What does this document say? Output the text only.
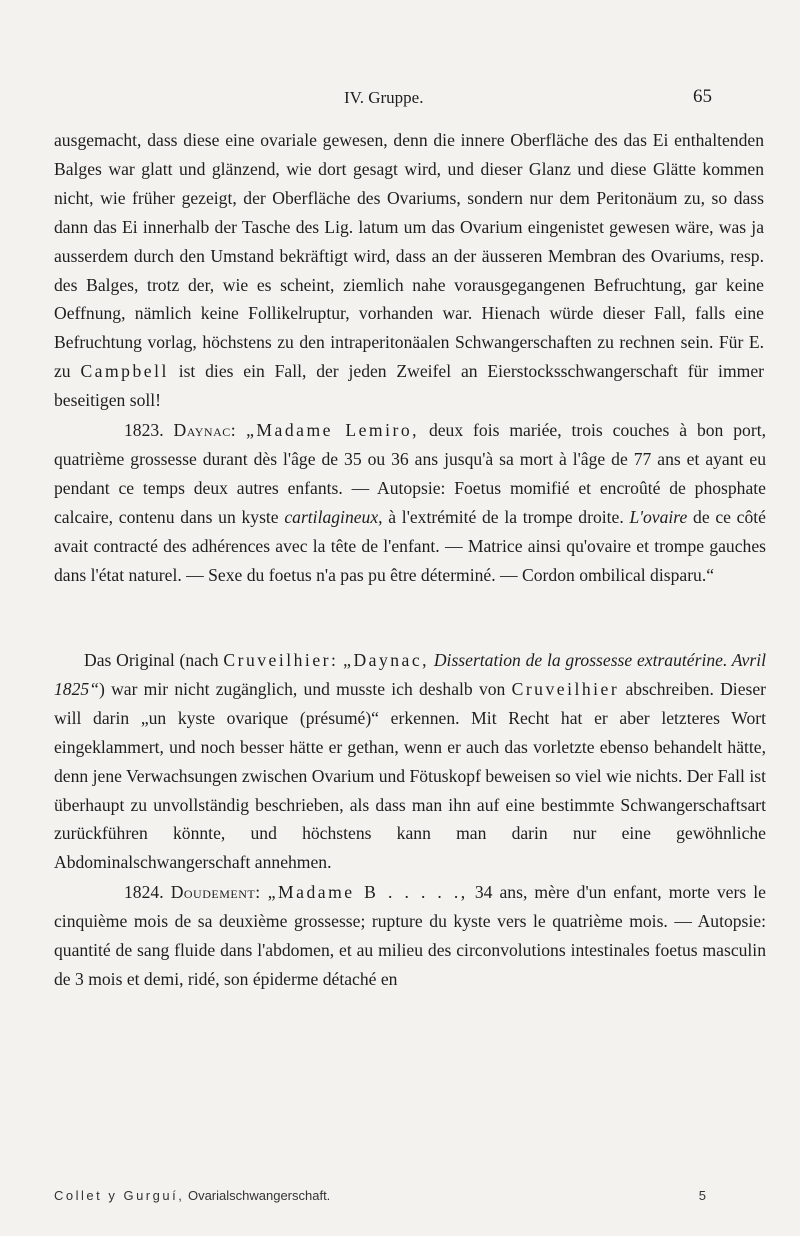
IV. Gruppe.	65
ausgemacht, dass diese eine ovariale gewesen, denn die innere Oberfläche des das Ei enthaltenden Balges war glatt und glänzend, wie dort gesagt wird, und dieser Glanz und diese Glätte kommen nicht, wie früher gezeigt, der Oberfläche des Ovariums, sondern nur dem Peritonäum zu, so dass dann das Ei innerhalb der Tasche des Lig. latum um das Ovarium eingenistet gewesen wäre, was ja ausserdem durch den Umstand bekräftigt wird, dass an der äusseren Membran des Ovariums, resp. des Balges, trotz der, wie es scheint, ziemlich nahe vorausgegangenen Befruchtung, gar keine Oeffnung, nämlich keine Follikelruptur, vorhanden war. Hienach würde dieser Fall, falls eine Befruchtung vorlag, höchstens zu den intraperitonäalen Schwangerschaften zu rechnen sein. Für E. zu Campbell ist dies ein Fall, der jeden Zweifel an Eierstocksschwangerschaft für immer beseitigen soll!
1823. Daynac: „Madame Lemiro, deux fois mariée, trois couches à bon port, quatrième grossesse durant dès l'âge de 35 ou 36 ans jusqu'à sa mort à l'âge de 77 ans et ayant eu pendant ce temps deux autres enfants. — Autopsie: Foetus momifié et encroûté de phosphate calcaire, contenu dans un kyste cartilagineux, à l'extrémité de la trompe droite. L'ovaire de ce côté avait contracté des adhérences avec la tête de l'enfant. — Matrice ainsi qu'ovaire et trompe gauches dans l'état naturel. — Sexe du foetus n'a pas pu être déterminé. — Cordon ombilical disparu.“
Das Original (nach Cruveilhier: „Daynac, Dissertation de la grossesse extrautérine. Avril 1825“) war mir nicht zugänglich, und musste ich deshalb von Cruveilhier abschreiben. Dieser will darin „un kyste ovarique (présumé)“ erkennen. Mit Recht hat er aber letzteres Wort eingeklammert, und noch besser hätte er gethan, wenn er auch das vorletzte ebenso behandelt hätte, denn jene Verwachsungen zwischen Ovarium und Fötuskopf beweisen so viel wie nichts. Der Fall ist überhaupt zu unvollständig beschrieben, als dass man ihn auf eine bestimmte Schwangerschaftsart zurückführen könnte, und höchstens kann man darin nur eine gewöhnliche Abdominalschwangerschaft annehmen.
1824. Doudement: „Madame B . . . . ., 34 ans, mère d'un enfant, morte vers le cinquième mois de sa deuxième grossesse; rupture du kyste vers le quatrième mois. — Autopsie: quantité de sang fluide dans l'abdomen, et au milieu des circonvolutions intestinales foetus masculin de 3 mois et demi, ridé, son épiderme détaché en
Collet y Gurguí, Ovarialschwangerschaft.	5
